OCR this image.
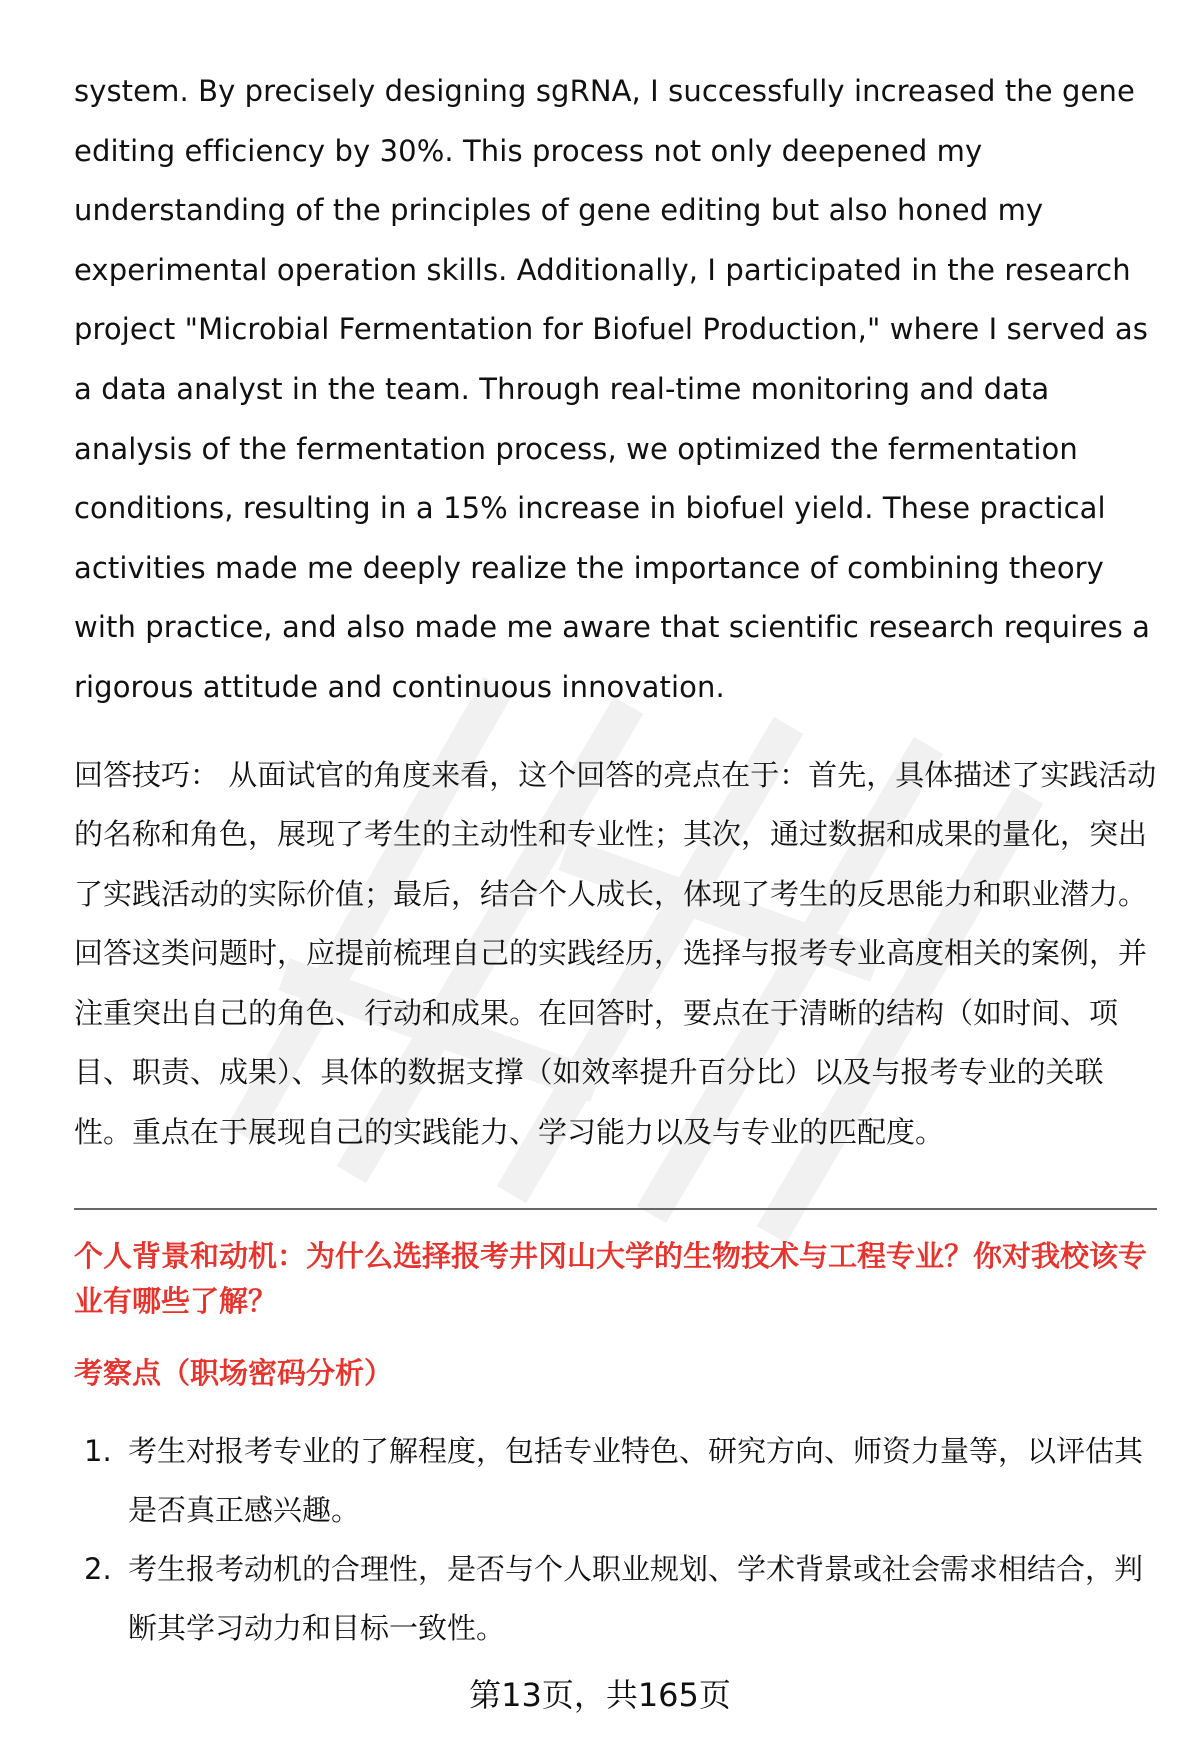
system. By precisely designing sgRNA, I successfully increased the gene editing efficiency by 30%. This process not only deepened my understanding of the principles of gene editing but also honed my experimental operation skills. Additionally, I participated in the research project "Microbial Fermentation for Biofuel Production," where I served as a data analyst in the team. Through real-time monitoring and data analysis of the fermentation process, we optimized the fermentation conditions, resulting in a 15% increase in biofuel yield. These practical activities made me deeply realize the importance of combining theory with practice, and also made me aware that scientific research requires a rigorous attitude and continuous innovation.

回答技巧： 从面试官的角度来看，这个回答的亮点在于：首先，具体描述了实践活动的名称和角色，展现了考生的主动性和专业性；其次，通过数据和成果的量化，突出了实践活动的实际价值；最后，结合个人成长，体现了考生的反思能力和职业潜力。回答这类问题时，应提前梳理自己的实践经历，选择与报考专业高度相关的案例，并注重突出自己的角色、行动和成果。在回答时，要点在于清晰的结构（如时间、项目、职责、成果）、具体的数据支撑（如效率提升百分比）以及与报考专业的关联性。重点在于展现自己的实践能力、学习能力以及与专业的匹配度。

个人背景和动机：为什么选择报考井冈山大学的生物技术与工程专业？你对我校该专业有哪些了解？

考察点（职场密码分析）

1. 考生对报考专业的了解程度，包括专业特色、研究方向、师资力量等，以评估其是否真正感兴趣。
2. 考生报考动机的合理性，是否与个人职业规划、学术背景或社会需求相结合，判断其学习动力和目标一致性。
第13页，共165页
